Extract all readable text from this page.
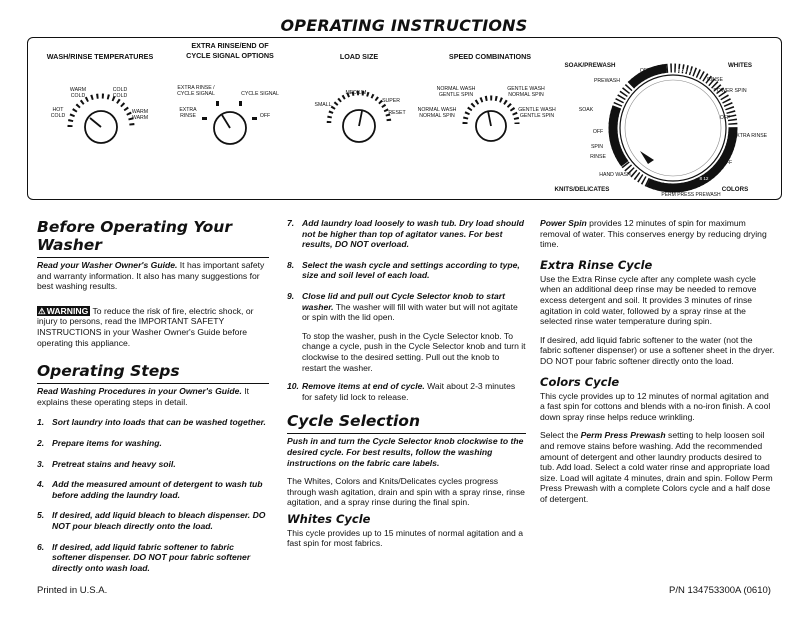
OPERATING INSTRUCTIONS
WASH/RINSE TEMPERATURES
HOT
COLD
WARM
COLD
COLD
COLD
WARM
WARM
EXTRA RINSE/END OF
CYCLE SIGNAL OPTIONS
EXTRA RINSE /
CYCLE SIGNAL	CYCLE SIGNAL
EXTRA
RINSE	OFF
LOAD SIZE
MEDIUM
SMALL
SUPER
RESET
SPEED COMBINATIONS
NORMAL WASH
GENTLE SPIN
GENTLE WASH
NORMAL SPIN
NORMAL WASH
NORMAL SPIN
GENTLE WASH
GENTLE SPIN
15 12 8
6
8 12
SOAK/PREWASH	WHITES
PREWASH
OFF
RINSE
POWER SPIN
SOAK
OFF
EXTRA RINSE
OFF
SPIN
RINSE
OFF
HAND WASH
PERM PRESS PREWASH
KNITS/DELICATES	COLORS
Before Operating Your Washer

Read your Washer Owner's Guide. It has important safety and warranty information. It also has many suggestions for best washing results.

⚠WARNING To reduce the risk of fire, electric shock, or injury to persons, read the IMPORTANT SAFETY INSTRUCTIONS in your Washer Owner's Guide before operating this appliance.

Operating Steps

Read Washing Procedures in your Owner's Guide. It explains these operating steps in detail.

1. Sort laundry into loads that can be washed together.
2. Prepare items for washing.
3. Pretreat stains and heavy soil.
4. Add the measured amount of detergent to wash tub before adding the laundry load.
5. If desired, add liquid bleach to bleach dispenser. DO NOT pour bleach directly onto the load.
6. If desired, add liquid fabric softener to fabric softener dispenser. DO NOT pour fabric softener directly onto wash load.
7. Add laundry load loosely to wash tub. Dry load should not be higher than top of agitator vanes. For best results, DO NOT overload.
8. Select the wash cycle and settings according to type, size and soil level of each load.
9. Close lid and pull out Cycle Selector knob to start washer. The washer will fill with water but will not agitate or spin with the lid open.

To stop the washer, push in the Cycle Selector knob. To change a cycle, push in the Cycle Selector knob and turn it clockwise to the desired setting. Pull out the knob to restart the washer.

10. Remove items at end of cycle. Wait about 2-3 minutes for safety lid lock to release.
Cycle Selection

Push in and turn the Cycle Selector knob clockwise to the desired cycle. For best results, follow the washing instructions on the fabric care labels.

The Whites, Colors and Knits/Delicates cycles progress through wash agitation, drain and spin with a spray rinse, rinse agitation, and a spray rinse during the final spin.

Whites Cycle

This cycle provides up to 15 minutes of normal agitation and a fast spin for most fabrics.

Power Spin provides 12 minutes of spin for maximum removal of water. This conserves energy by reducing drying time.

Extra Rinse Cycle

Use the Extra Rinse cycle after any complete wash cycle when an additional deep rinse may be needed to remove excess detergent and soil. It provides 3 minutes of rinse agitation in cold water, followed by a spray rinse at the selected rinse water temperature during spin.

If desired, add liquid fabric softener to the water (not the fabric softener dispenser) or use a softener sheet in the dryer. DO NOT pour fabric softener directly onto the load.

Colors Cycle

This cycle provides up to 12 minutes of normal agitation and a fast spin for cottons and blends with a no-iron finish. A cool down spray rinse helps reduce wrinkling.

Select the Perm Press Prewash setting to help loosen soil and remove stains before washing. Add the recommended amount of detergent and other laundry products desired to tub. Add load. Select a cold water rinse and appropriate load size. Load will agitate 4 minutes, drain and spin. Follow Perm Press Prewash with a complete Colors cycle and a half dose of detergent.

Printed in U.S.A.	P/N 134753300A (0610)
